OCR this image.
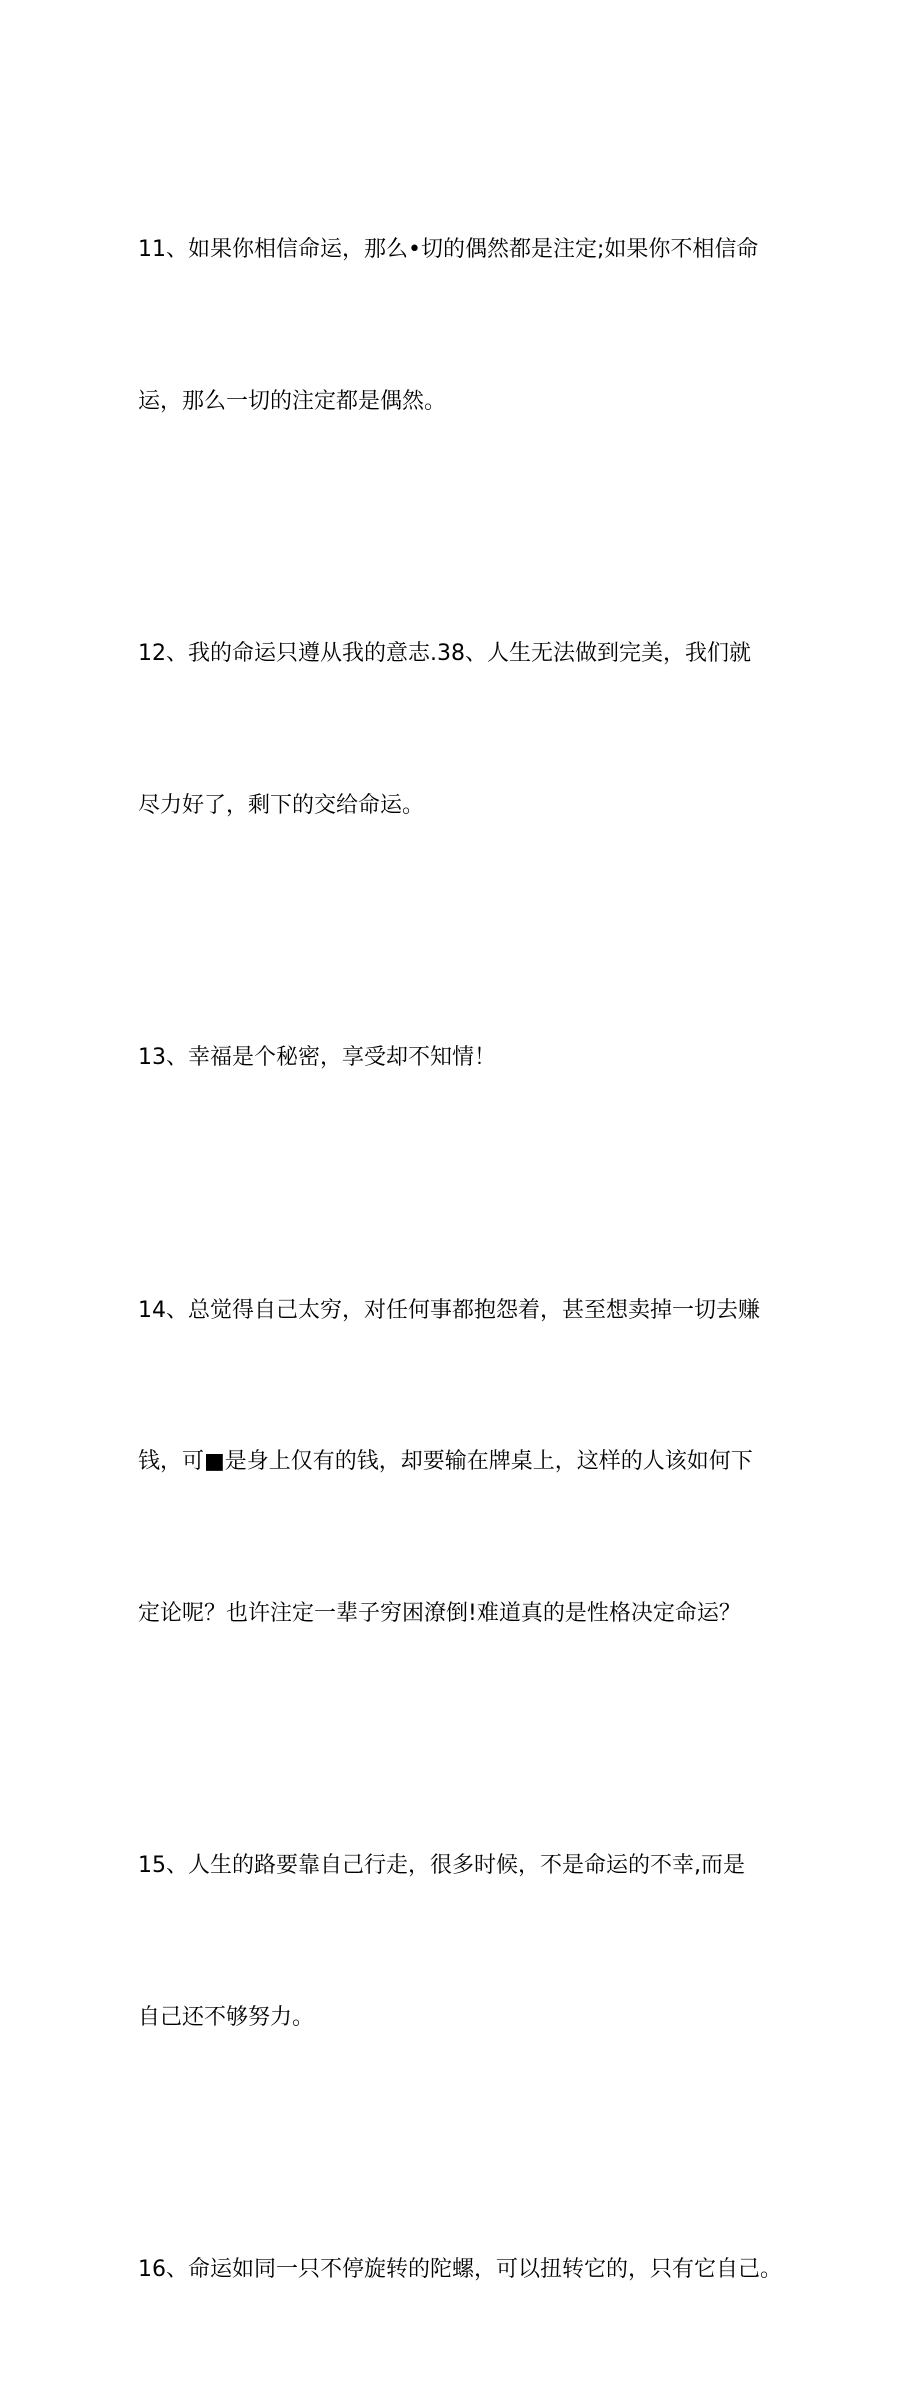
11、如果你相信命运，那么•切的偶然都是注定;如果你不相信命

运，那么一切的注定都是偶然。

12、我的命运只遵从我的意志.38、人生无法做到完美，我们就

尽力好了，剩下的交给命运。

13、幸福是个秘密，享受却不知情！

14、总觉得自己太穷，对任何事都抱怨着，甚至想卖掉一切去赚

钱，可■是身上仅有的钱，却要输在牌桌上，这样的人该如何下

定论呢？也许注定一辈子穷困潦倒!难道真的是性格决定命运？

15、人生的路要靠自己行走，很多时候，不是命运的不幸,而是

自己还不够努力。

16、命运如同一只不停旋转的陀螺，可以扭转它的，只有它自己。
